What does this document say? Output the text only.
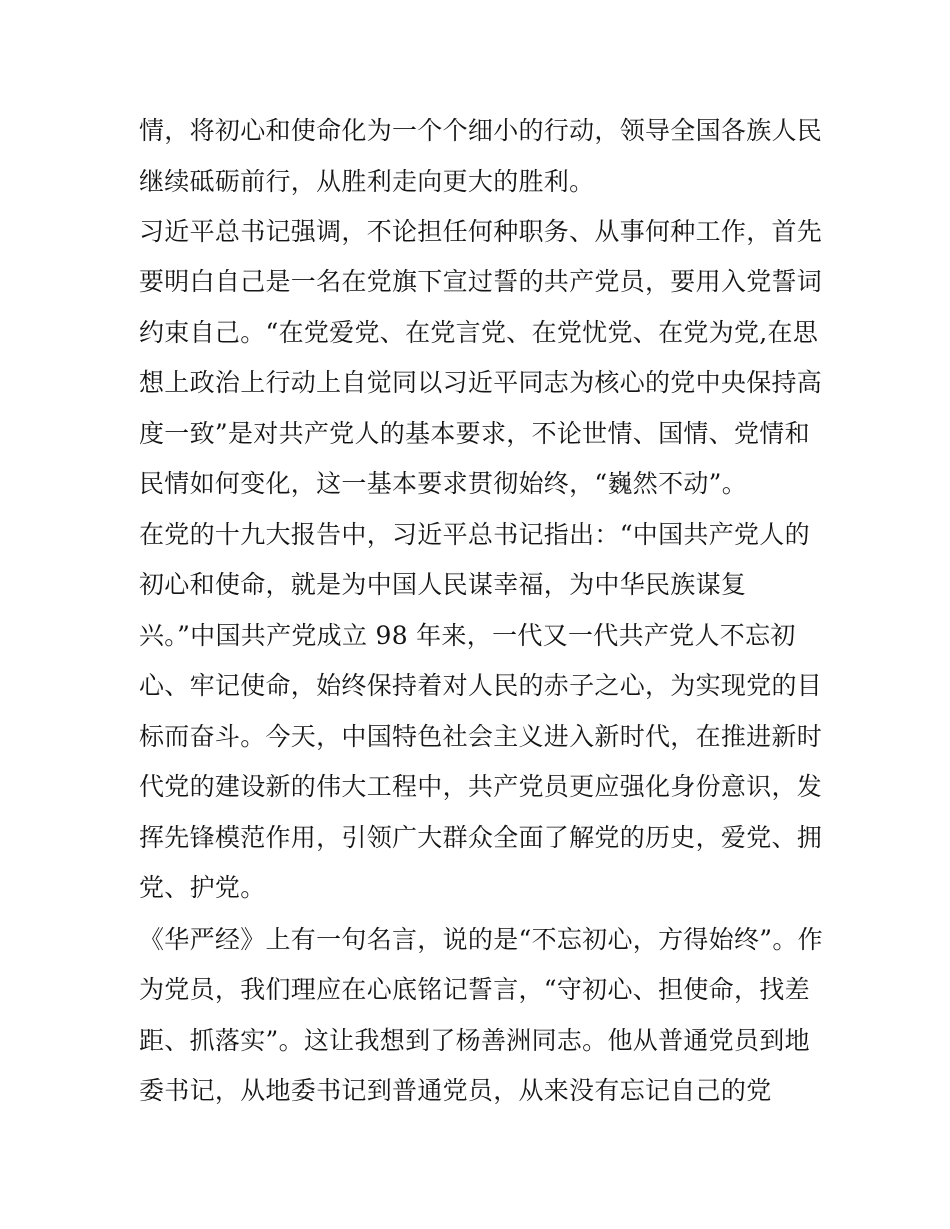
情，将初心和使命化为一个个细小的行动，领导全国各族人民
继续砥砺前行，从胜利走向更大的胜利。
习近平总书记强调，不论担任何种职务、从事何种工作，首先
要明白自己是一名在党旗下宣过誓的共产党员，要用入党誓词
约束自己。“在党爱党、在党言党、在党忧党、在党为党,在思
想上政治上行动上自觉同以习近平同志为核心的党中央保持高
度一致”是对共产党人的基本要求，不论世情、国情、党情和
民情如何变化，这一基本要求贯彻始终，“巍然不动”。
在党的十九大报告中，习近平总书记指出：“中国共产党人的
初心和使命，就是为中国人民谋幸福，为中华民族谋复
兴。”中国共产党成立 98 年来，一代又一代共产党人不忘初
心、牢记使命，始终保持着对人民的赤子之心，为实现党的目
标而奋斗。今天，中国特色社会主义进入新时代，在推进新时
代党的建设新的伟大工程中，共产党员更应强化身份意识，发
挥先锋模范作用，引领广大群众全面了解党的历史，爱党、拥
党、护党。
《华严经》上有一句名言，说的是“不忘初心，方得始终”。作
为党员，我们理应在心底铭记誓言，“守初心、担使命，找差
距、抓落实”。这让我想到了杨善洲同志。他从普通党员到地
委书记，从地委书记到普通党员，从来没有忘记自己的党
